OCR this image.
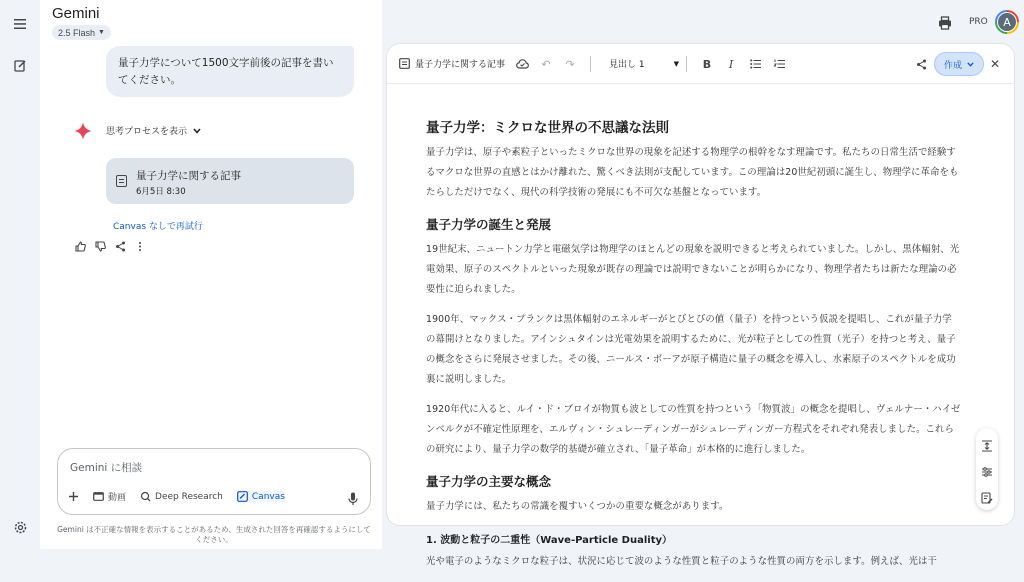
Gemini
2.5 Flash ▼
量子力学について1500文字前後の記事を書いてください。
思考プロセスを表示
量子力学に関する記事
6月5日 8:30
Canvas なしで再試行
Gemini に相談
動画	Deep Research	Canvas
Gemini は不正確な情報を表示することがあるため、生成された回答を再確認するようにしてください。
PRO	A
量子力学に関する記事	↶ ↷	見出し 1	▼ B	I	作成 ✕
量子力学：ミクロな世界の不思議な法則

量子力学は、原子や素粒子といったミクロな世界の現象を記述する物理学の根幹をなす理論です。私たちの日常生活で経験するマクロな世界の直感とはかけ離れた、驚くべき法則が支配しています。この理論は20世紀初頭に誕生し、物理学に革命をもたらしただけでなく、現代の科学技術の発展にも不可欠な基盤となっています。

量子力学の誕生と発展

19世紀末、ニュートン力学と電磁気学は物理学のほとんどの現象を説明できると考えられていました。しかし、黒体輻射、光電効果、原子のスペクトルといった現象が既存の理論では説明できないことが明らかになり、物理学者たちは新たな理論の必要性に迫られました。

1900年、マックス・プランクは黒体輻射のエネルギーがとびとびの値（量子）を持つという仮説を提唱し、これが量子力学の幕開けとなりました。アインシュタインは光電効果を説明するために、光が粒子としての性質（光子）を持つと考え、量子の概念をさらに発展させました。その後、ニールス・ボーアが原子構造に量子の概念を導入し、水素原子のスペクトルを成功裏に説明しました。

1920年代に入ると、ルイ・ド・ブロイが物質も波としての性質を持つという「物質波」の概念を提唱し、ヴェルナー・ハイゼンベルクが不確定性原理を、エルヴィン・シュレーディンガーがシュレーディンガー方程式をそれぞれ発表しました。これらの研究により、量子力学の数学的基礎が確立され、「量子革命」が本格的に進行しました。

量子力学の主要な概念

量子力学には、私たちの常識を覆すいくつかの重要な概念があります。

1. 波動と粒子の二重性（Wave-Particle Duality）

光や電子のようなミクロな粒子は、状況に応じて波のような性質と粒子のような性質の両方を示します。例えば、光は干
